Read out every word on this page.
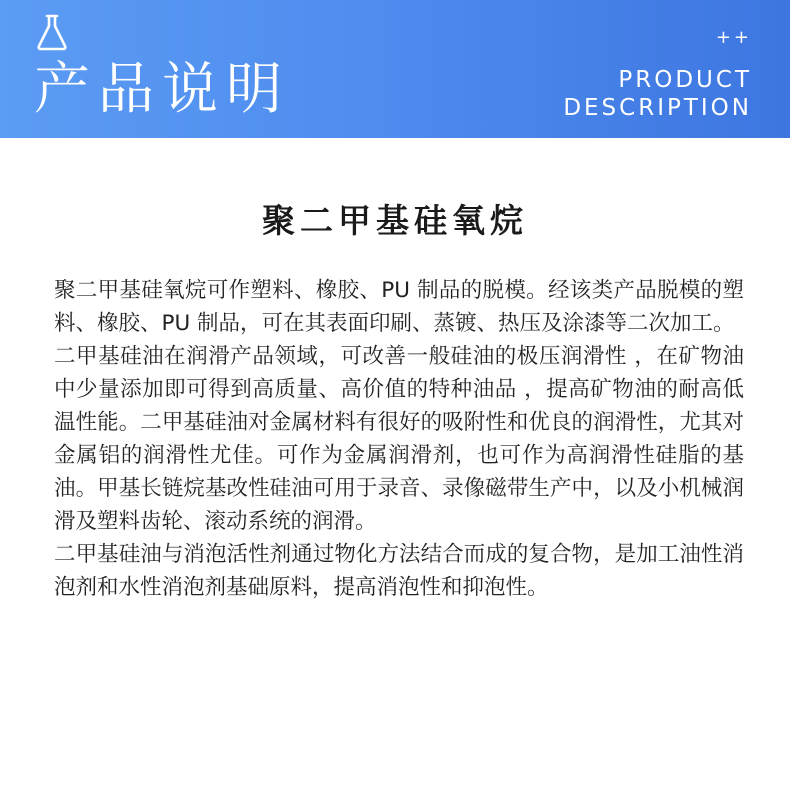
产品说明
++
PRODUCT
DESCRIPTION
聚二甲基硅氧烷

聚二甲基硅氧烷可作塑料、橡胶、PU 制品的脱模。经该类产品脱模的塑料、橡胶、PU 制品，可在其表面印刷、蒸镀、热压及涂漆等二次加工。

二甲基硅油在润滑产品领域，可改善一般硅油的极压润滑性 ，在矿物油中少量添加即可得到高质量、高价值的特种油品 ，提高矿物油的耐高低温性能。二甲基硅油对金属材料有很好的吸附性和优良的润滑性，尤其对金属铝的润滑性尤佳。可作为金属润滑剂，也可作为高润滑性硅脂的基油。甲基长链烷基改性硅油可用于录音、录像磁带生产中，以及小机械润滑及塑料齿轮、滚动系统的润滑。

二甲基硅油与消泡活性剂通过物化方法结合而成的复合物，是加工油性消泡剂和水性消泡剂基础原料，提高消泡性和抑泡性。
